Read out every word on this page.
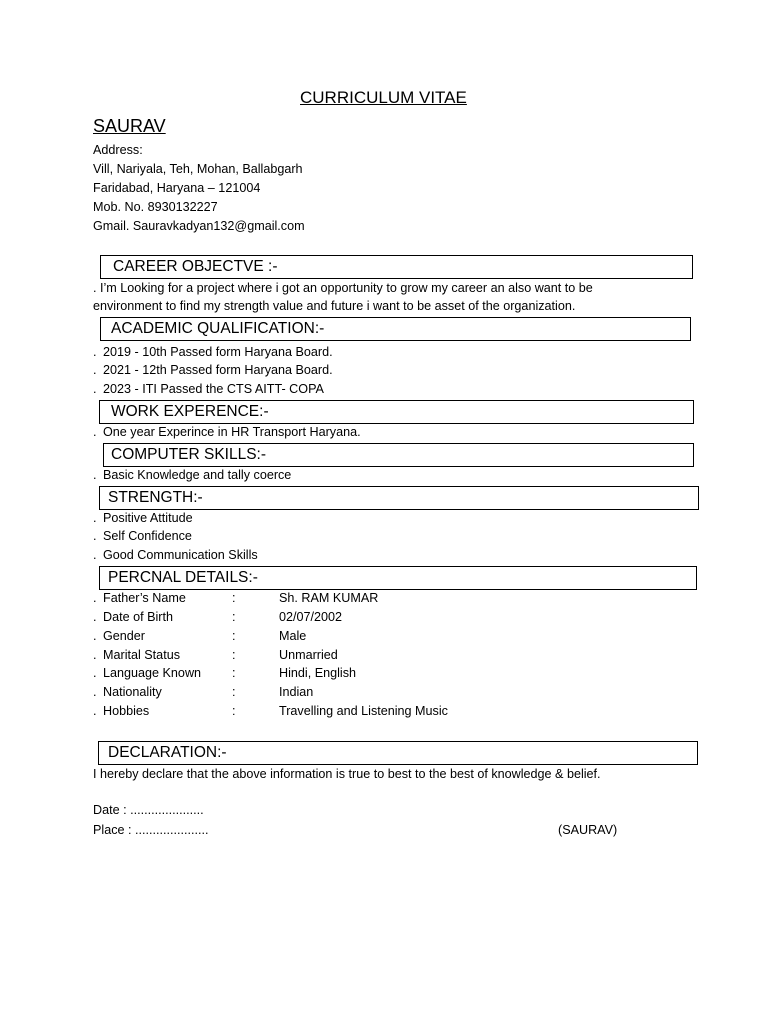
CURRICULUM VITAE
SAURAV
Address:
Vill, Nariyala, Teh, Mohan, Ballabgarh
Faridabad, Haryana – 121004
Mob. No. 8930132227
Gmail. Sauravkadyan132@gmail.com
CAREER OBJECTVE :-
. I’m Looking for a project where i got an opportunity to grow my career an also want to be
environment to find my strength value and future i want to be asset of the organization.
ACADEMIC QUALIFICATION:-
. 2019 - 10th Passed form Haryana Board.
. 2021 - 12th Passed form Haryana Board.
. 2023 - ITI Passed the CTS AITT- COPA
WORK EXPERENCE:-
. One year Experince in HR Transport Haryana.
COMPUTER SKILLS:-
. Basic Knowledge and tally coerce
STRENGTH:-
. Positive Attitude
. Self Confidence
. Good Communication Skills
PERCNAL DETAILS:-
. Father’s Name	:	Sh. RAM KUMAR
. Date of Birth	:	02/07/2002
. Gender	:	Male
. Marital Status	:	Unmarried
. Language Known :	Hindi, English
. Nationality	:	Indian
. Hobbies	:	Travelling and Listening Music
DECLARATION:-
I hereby declare that the above information is true to best to the best of knowledge & belief.
Date : .....................
Place : .....................	(SAURAV)
